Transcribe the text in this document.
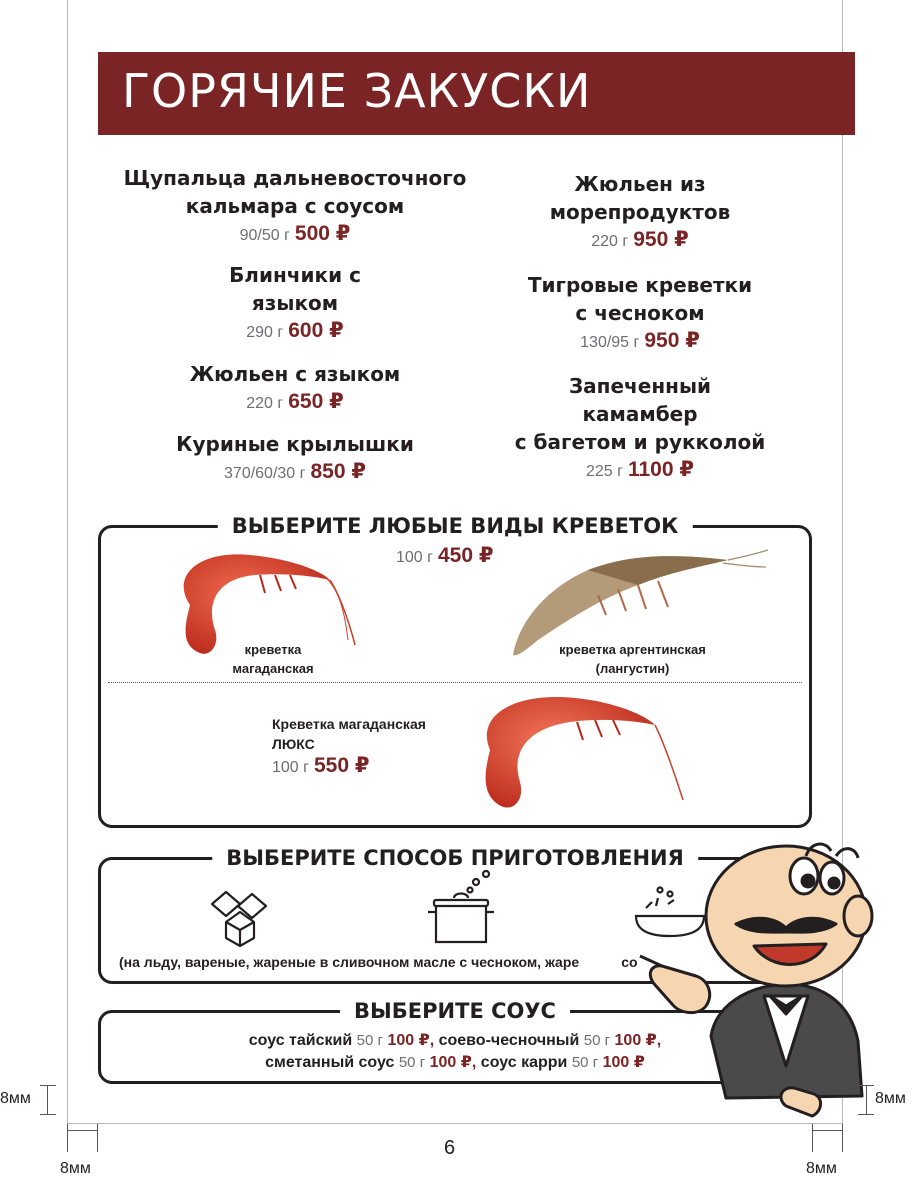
ГОРЯЧИЕ ЗАКУСКИ
Щупальца дальневосточного
кальмара с соусом
90/50 г 500 ₽
Блинчики с
языком
290 г 600 ₽
Жюльен с языком
220 г 650 ₽
Куриные крылышки
370/60/30 г 850 ₽
Жюльен из
морепродуктов
220 г 950 ₽
Тигровые креветки
с чесноком
130/95 г 950 ₽
Запеченный
камамбер
с багетом и рукколой
225 г 1100 ₽
ВЫБЕРИТЕ ЛЮБЫЕ ВИДЫ КРЕВЕТОК
100 г 450 ₽
креветка
магаданская
креветка аргентинская
(лангустин)
Креветка магаданская
ЛЮКС
100 г 550 ₽
ВЫБЕРИТЕ СПОСОБ ПРИГОТОВЛЕНИЯ
(на льду, вареные, жареные в сливочном масле с чесноком, жаре	со
ВЫБЕРИТЕ СОУС
соус тайский 50 г 100 ₽, соево-чесночный 50 г 100 ₽,
сметанный соус 50 г 100 ₽, соус карри 50 г 100 ₽
6
8мм	8мм
8мм	8мм
